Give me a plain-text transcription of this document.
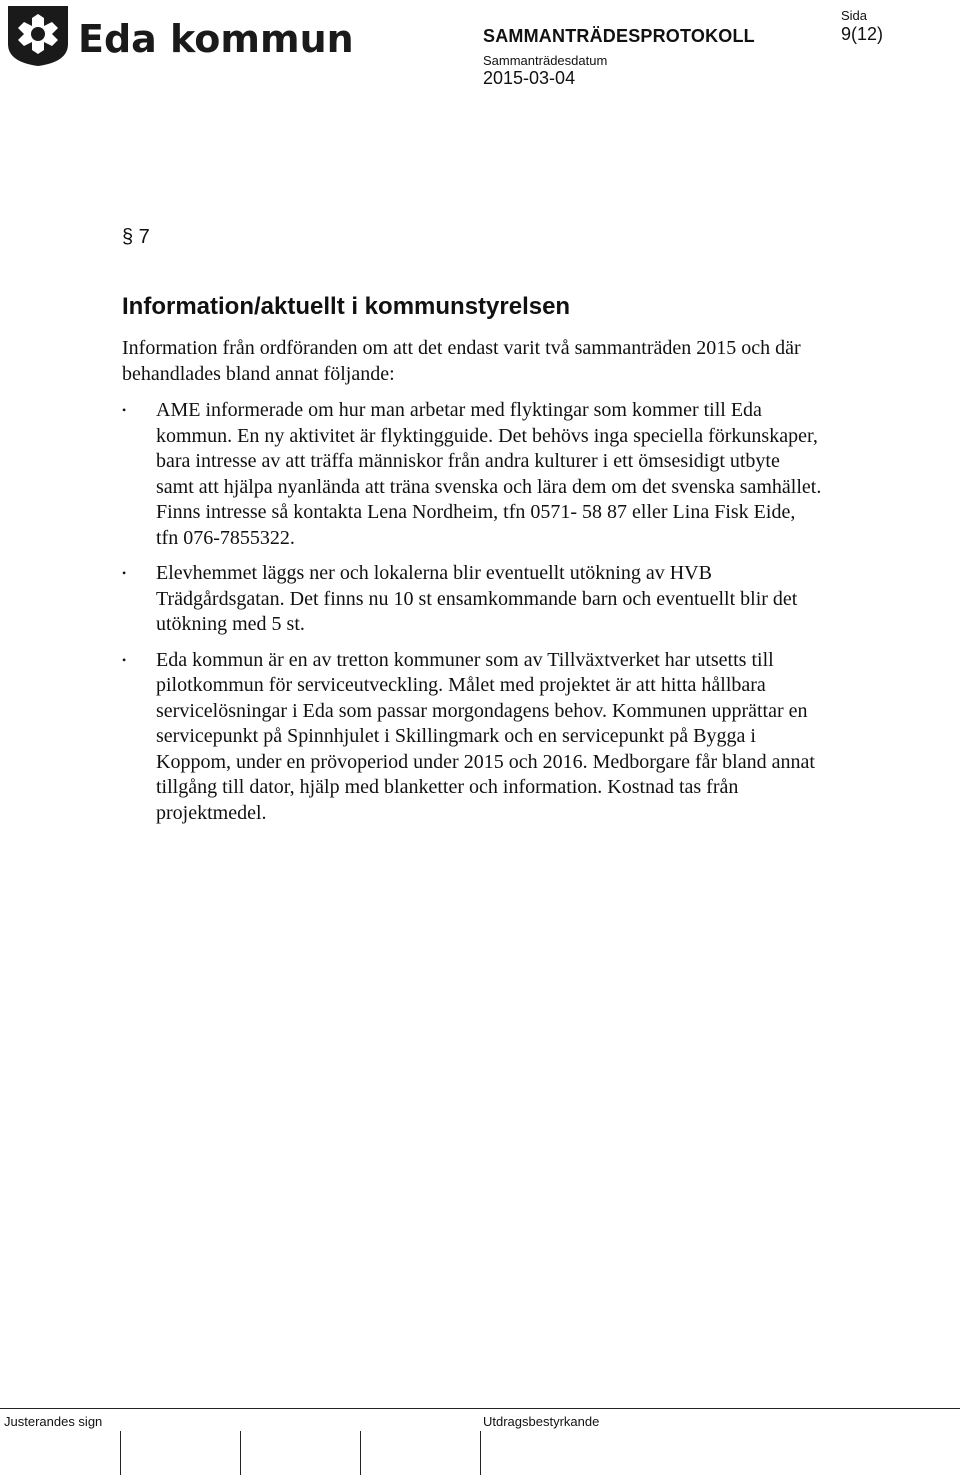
Eda kommun	SAMMANTRÄDESPROTOKOLL
Sammanträdesdatum
2015-03-04
Sida
9(12)
§ 7
Information/aktuellt i kommunstyrelsen

Information från ordföranden om att det endast varit två sammanträden 2015 och där behandlades bland annat följande:

• AME informerade om hur man arbetar med flyktingar som kommer till Eda kommun. En ny aktivitet är flyktingguide. Det behövs inga speciella förkunskaper, bara intresse av att träffa människor från andra kulturer i ett ömsesidigt utbyte samt att hjälpa nyanlända att träna svenska och lära dem om det svenska samhället. Finns intresse så kontakta Lena Nordheim, tfn 0571- 58 87 eller Lina Fisk Eide, tfn 076-7855322.
• Elevhemmet läggs ner och lokalerna blir eventuellt utökning av HVB Trädgårdsgatan. Det finns nu 10 st ensamkommande barn och eventuellt blir det utökning med 5 st.
• Eda kommun är en av tretton kommuner som av Tillväxtverket har utsetts till pilotkommun för serviceutveckling. Målet med projektet är att hitta hållbara servicelösningar i Eda som passar morgondagens behov. Kommunen upprättar en servicepunkt på Spinnhjulet i Skillingmark och en servicepunkt på Bygga i Koppom, under en prövoperiod under 2015 och 2016. Medborgare får bland annat tillgång till dator, hjälp med blanketter och information. Kostnad tas från projektmedel.
Justerandes sign	Utdragsbestyrkande
